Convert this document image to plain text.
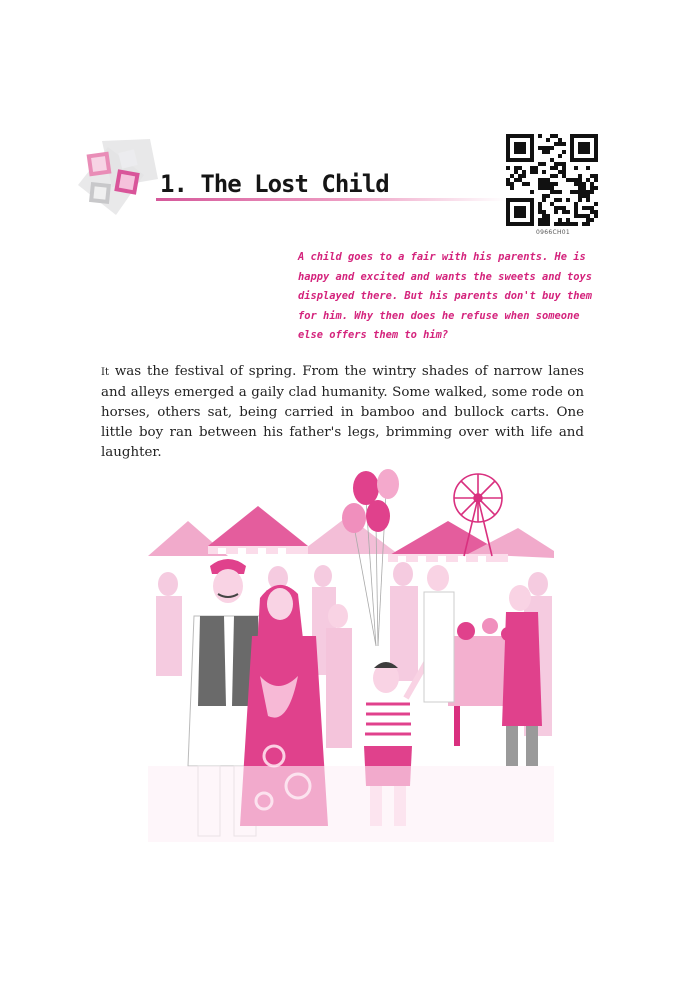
1. The Lost Child
0966CH01
A child goes to a fair with his parents. He is happy and excited and wants the sweets and toys displayed there. But his parents don't buy them for him. Why then does he refuse when someone else offers them to him?
It was the festival of spring. From the wintry shades of narrow lanes and alleys emerged a gaily clad humanity. Some walked, some rode on horses, others sat, being carried in bamboo and bullock carts. One little boy ran between his father's legs, brimming over with life and laughter.
